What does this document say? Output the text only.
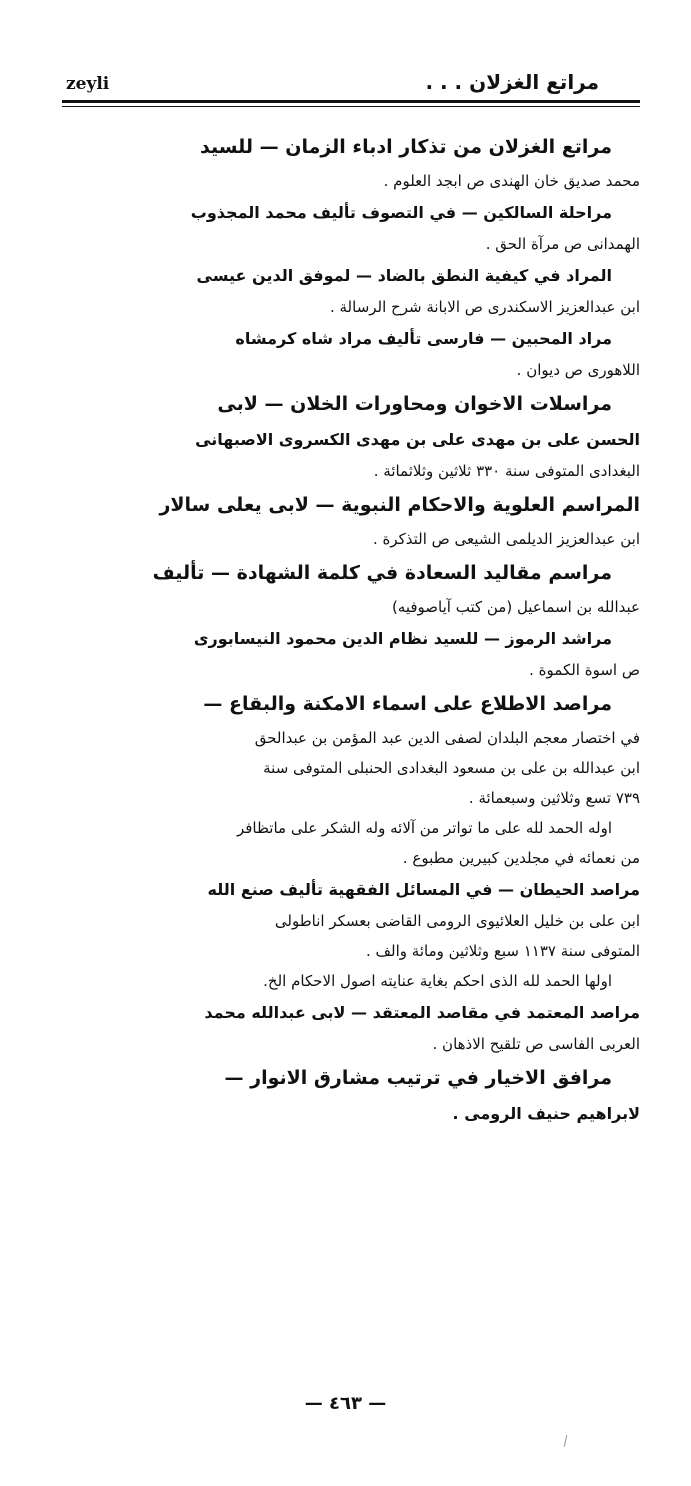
zeyli	مراتع الغزلان . . .

مراتع الغزلان من تذكار ادباء الزمان — للسيد
محمد صديق خان الهندى ص ابجد العلوم .

مراحلة السالكين — في التصوف تأليف محمد المجذوب
الهمدانى ص مرآة الحق .

المراد في كيفية النطق بالضاد — لموفق الدين عيسى
ابن عبدالعزيز الاسكندرى ص الابانة شرح الرسالة .

مراد المحبين — فارسى تأليف مراد شاه كرمشاه
اللاهورى ص ديوان .

مراسلات الاخوان ومحاورات الخلان — لابى
الحسن على بن مهدى على بن مهدى الكسروى الاصبهانى
البغدادى المتوفى سنة ٣٣٠ ثلاثين وثلاثمائة .

المراسم العلوية والاحكام النبوية — لابى يعلى سالار
ابن عبدالعزيز الديلمى الشيعى ص التذكرة .

مراسم مقاليد السعادة في كلمة الشهادة — تأليف
عبدالله بن اسماعيل (من كتب آياصوفيه)

مراشد الرموز — للسيد نظام الدين محمود النيسابورى
ص اسوة الكموة .

مراصد الاطلاع على اسماء الامكنة والبقاع —
في اختصار معجم البلدان لصفى الدين عبد المؤمن بن عبدالحق
ابن عبدالله بن على بن مسعود البغدادى الحنبلى المتوفى سنة
٧٣٩ تسع وثلاثين وسبعمائة .
اوله الحمد لله على ما تواتر من آلائه وله الشكر على ماتظافر
من نعمائه في مجلدين كبيرين مطبوع .

مراصد الحيطان — في المسائل الفقهية تأليف صنع الله
ابن على بن خليل العلائيوى الرومى القاضى بعسكر اناطولى
المتوفى سنة ١١٣٧ سبع وثلاثين ومائة والف .
اولها الحمد لله الذى احكم بغاية عنايته اصول الاحكام الخ.

مراصد المعتمد في مقاصد المعتقد — لابى عبدالله محمد
العربى الفاسى ص تلقيح الاذهان .

مرافق الاخيار في ترتيب مشارق الانوار —
لابراهيم حنيف الرومى .

— ٤٦٣ —
